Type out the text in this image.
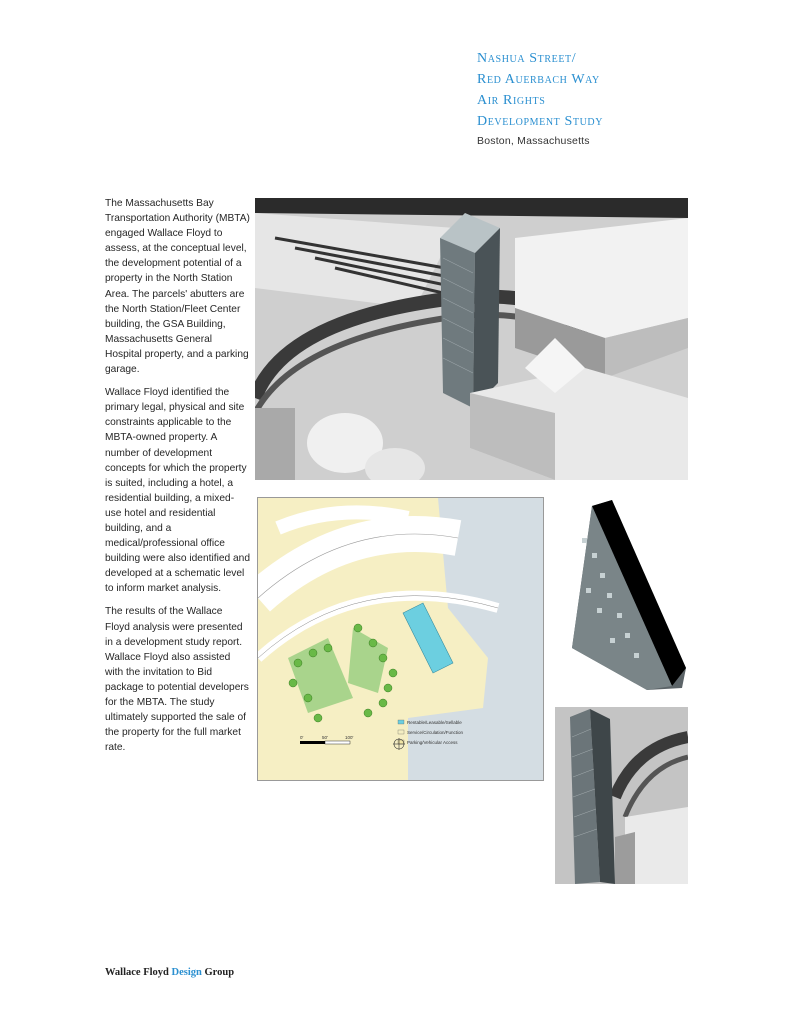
Nashua Street/
Red Auerbach Way
Air Rights
Development Study
Boston, Massachusetts

The Massachusetts Bay Transportation Authority (MBTA) engaged Wallace Floyd to assess, at the conceptual level, the development potential of a property in the North Station Area. The parcels' abutters are the North Station/Fleet Center building, the GSA Building, Massachusetts General Hospital property, and a parking garage.

Wallace Floyd identified the primary legal, physical and site constraints applicable to the MBTA-owned property. A number of development concepts for which the property is suited, including a hotel, a residential building, a mixed-use hotel and residential building, and a medical/professional office building were also identified and developed at a schematic level to inform market analysis.

The results of the Wallace Floyd analysis were presented in a development study report. Wallace Floyd also assisted with the invitation to Bid package to potential developers for the MBTA. The study ultimately supported the sale of the property for the full market rate.

Rentable/Leasable/Sellable
Service/Circulation/Function
Parking/Vehicular Access
0'	50'	100'
Wallace Floyd Design Group
